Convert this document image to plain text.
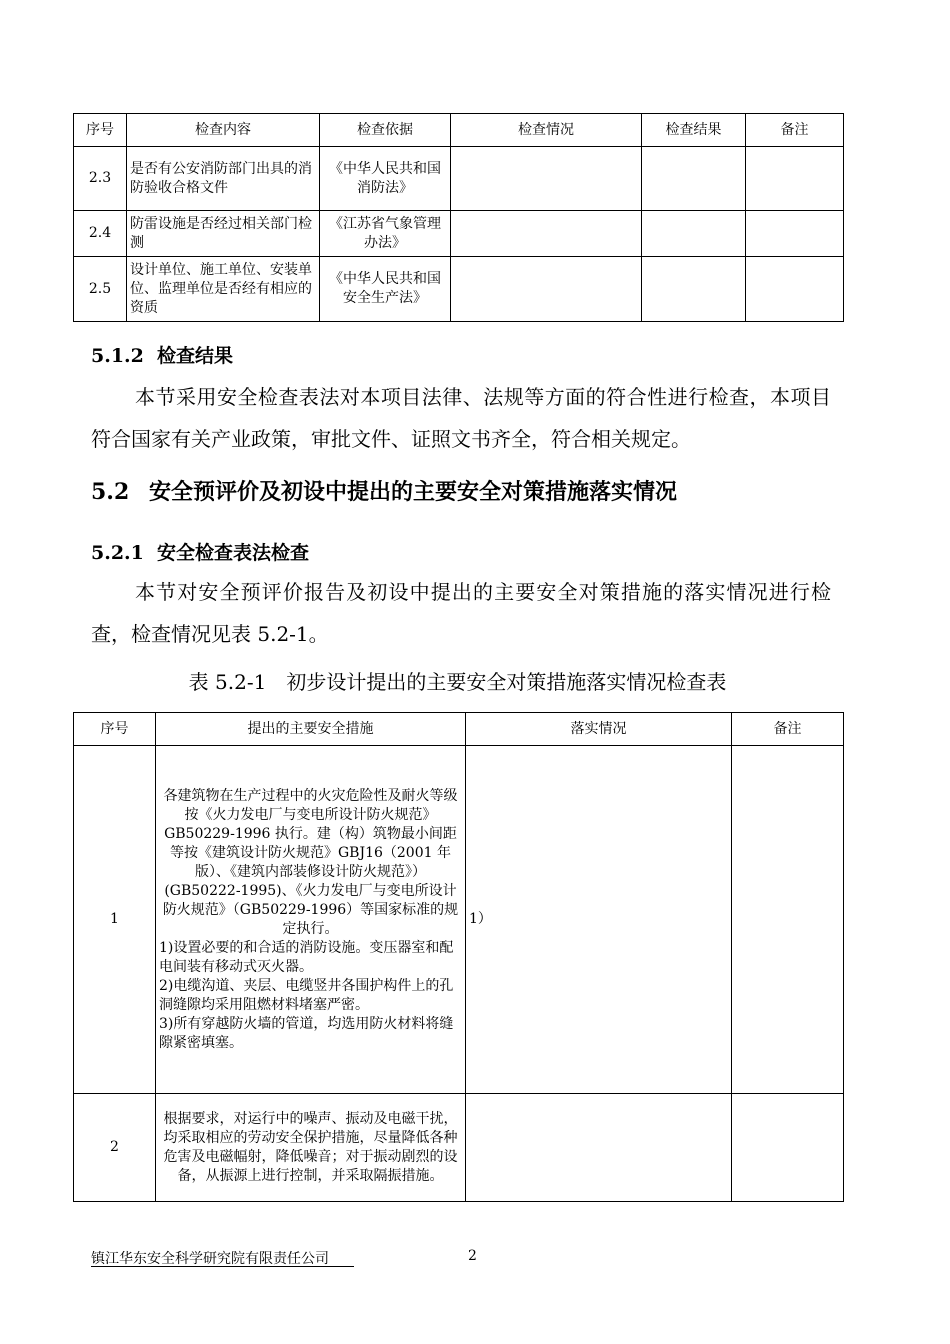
序号	检查内容	检查依据	检查情况	检查结果	备注
2.3	是否有公安消防部门出具的消防验收合格文件	《中华人民共和国消防法》			
2.4	防雷设施是否经过相关部门检测	《江苏省气象管理办法》			
2.5	设计单位、施工单位、安装单位、监理单位是否经有相应的资质	《中华人民共和国安全生产法》			
5.1.2 检查结果

本节采用安全检查表法对本项目法律、法规等方面的符合性进行检查，本项目符合国家有关产业政策，审批文件、证照文书齐全，符合相关规定。

5.2 安全预评价及初设中提出的主要安全对策措施落实情况
5.2.1 安全检查表法检查

本节对安全预评价报告及初设中提出的主要安全对策措施的落实情况进行检查，检查情况见表 5.2-1。

表 5.2-1　初步设计提出的主要安全对策措施落实情况检查表
序号	提出的主要安全措施	落实情况	备注
1	各建筑物在生产过程中的火灾危险性及耐火等级按《火力发电厂与变电所设计防火规范》GB50229-1996 执行。建（构）筑物最小间距等按《建筑设计防火规范》GBJ16（2001 年版）、《建筑内部装修设计防火规范》）(GB50222-1995)、《火力发电厂与变电所设计防火规范》（GB50229-1996）等国家标准的规定执行。
1)设置必要的和合适的消防设施。变压器室和配电间装有移动式灭火器。
2)电缆沟道、夹层、电缆竖井各围护构件上的孔洞缝隙均采用阻燃材料堵塞严密。
3)所有穿越防火墙的管道，均选用防火材料将缝隙紧密填塞。	1）	
2	根据要求，对运行中的噪声、振动及电磁干扰，均采取相应的劳动安全保护措施，尽量降低各种危害及电磁幅射，降低噪音；对于振动剧烈的设备，从振源上进行控制，并采取隔振措施。		

镇江华东安全科学研究院有限责任公司	2
